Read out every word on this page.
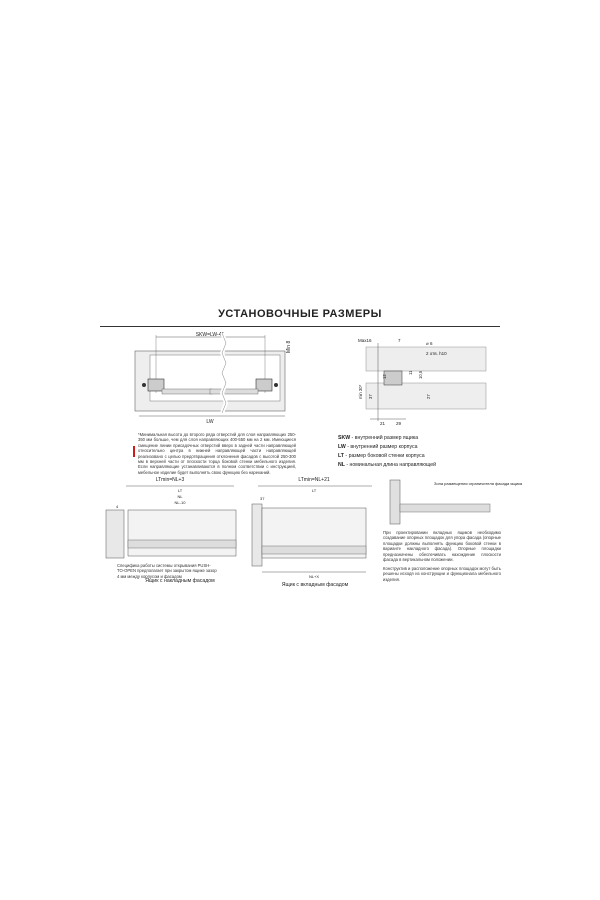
УСТАНОВОЧНЫЕ РАЗМЕРЫ
SKW=LW-42
LW
Min 8
Max16	7
⌀ 6
2 отв. h10
12
11 10,5
37
min 30*	27
21 29
*Минимальная высота до второго ряда отверстий для слоя направляющих 250-350 мм больше, чем для слоя направляющих 400-550 мм на 2 мм. Имеющиеся смещение линии присадочных отверстий вверх в задней части направляющей относительно центра в нижней направляющей части направляющей реализовано с целью предотвращения отклонения фасадов с высотой 250-300 мм в верхней части от плоскости торца боковой стенки мебельного изделия. Если направляющие устанавливаются в полном соответствии с инструкцией, мебельное изделие будет выполнять свою функцию без нареканий.
SKW - внутренний размер ящика
LW - внутренний размер корпуса
LT - размер боковой стенки корпуса
NL - номинальная длина направляющей
LTmin=NL+3
LT
NL
NL-10
4
Специфика работы системы открывания PUSH-TO-OPEN предполагает при закрытом ящике зазор 4 мм между корпусом и фасадом
Ящик с накладным фасадом
LTmin=NL+21
LT
37
NL+X
Ящик с вкладным фасадом
Зона размещения ограничителя фасада ящика
При проектировании вкладных ящиков необходимо создавание опорных площадок для упора фасада (опорные площадки должны выполнять функцию боковой стенки в варианте накладного фасада). Опорные площадки предназначены обеспечивать нахождение плоскости фасада в вертикальном положении.
Конструктив и расположение опорных площадок могут быть решены исходя из конструкции и функционала мебельного изделия.
